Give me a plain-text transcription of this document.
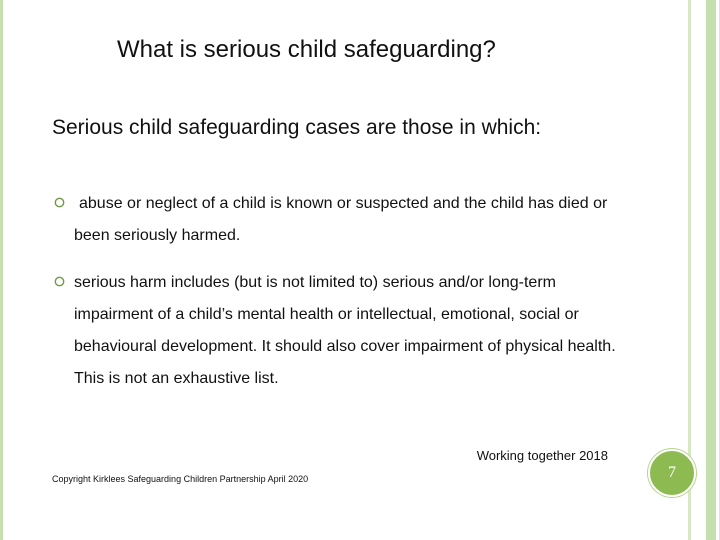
What is serious child safeguarding?

Serious child safeguarding cases are those in which:

abuse or neglect of a child is known or suspected and the child has died or been seriously harmed.
serious harm includes (but is not limited to) serious and/or long-term impairment of a child’s mental health or intellectual, emotional, social or behavioural development. It should also cover impairment of physical health. This is not an exhaustive list.

Working together 2018

Copyright Kirklees Safeguarding Children Partnership April 2020	7
